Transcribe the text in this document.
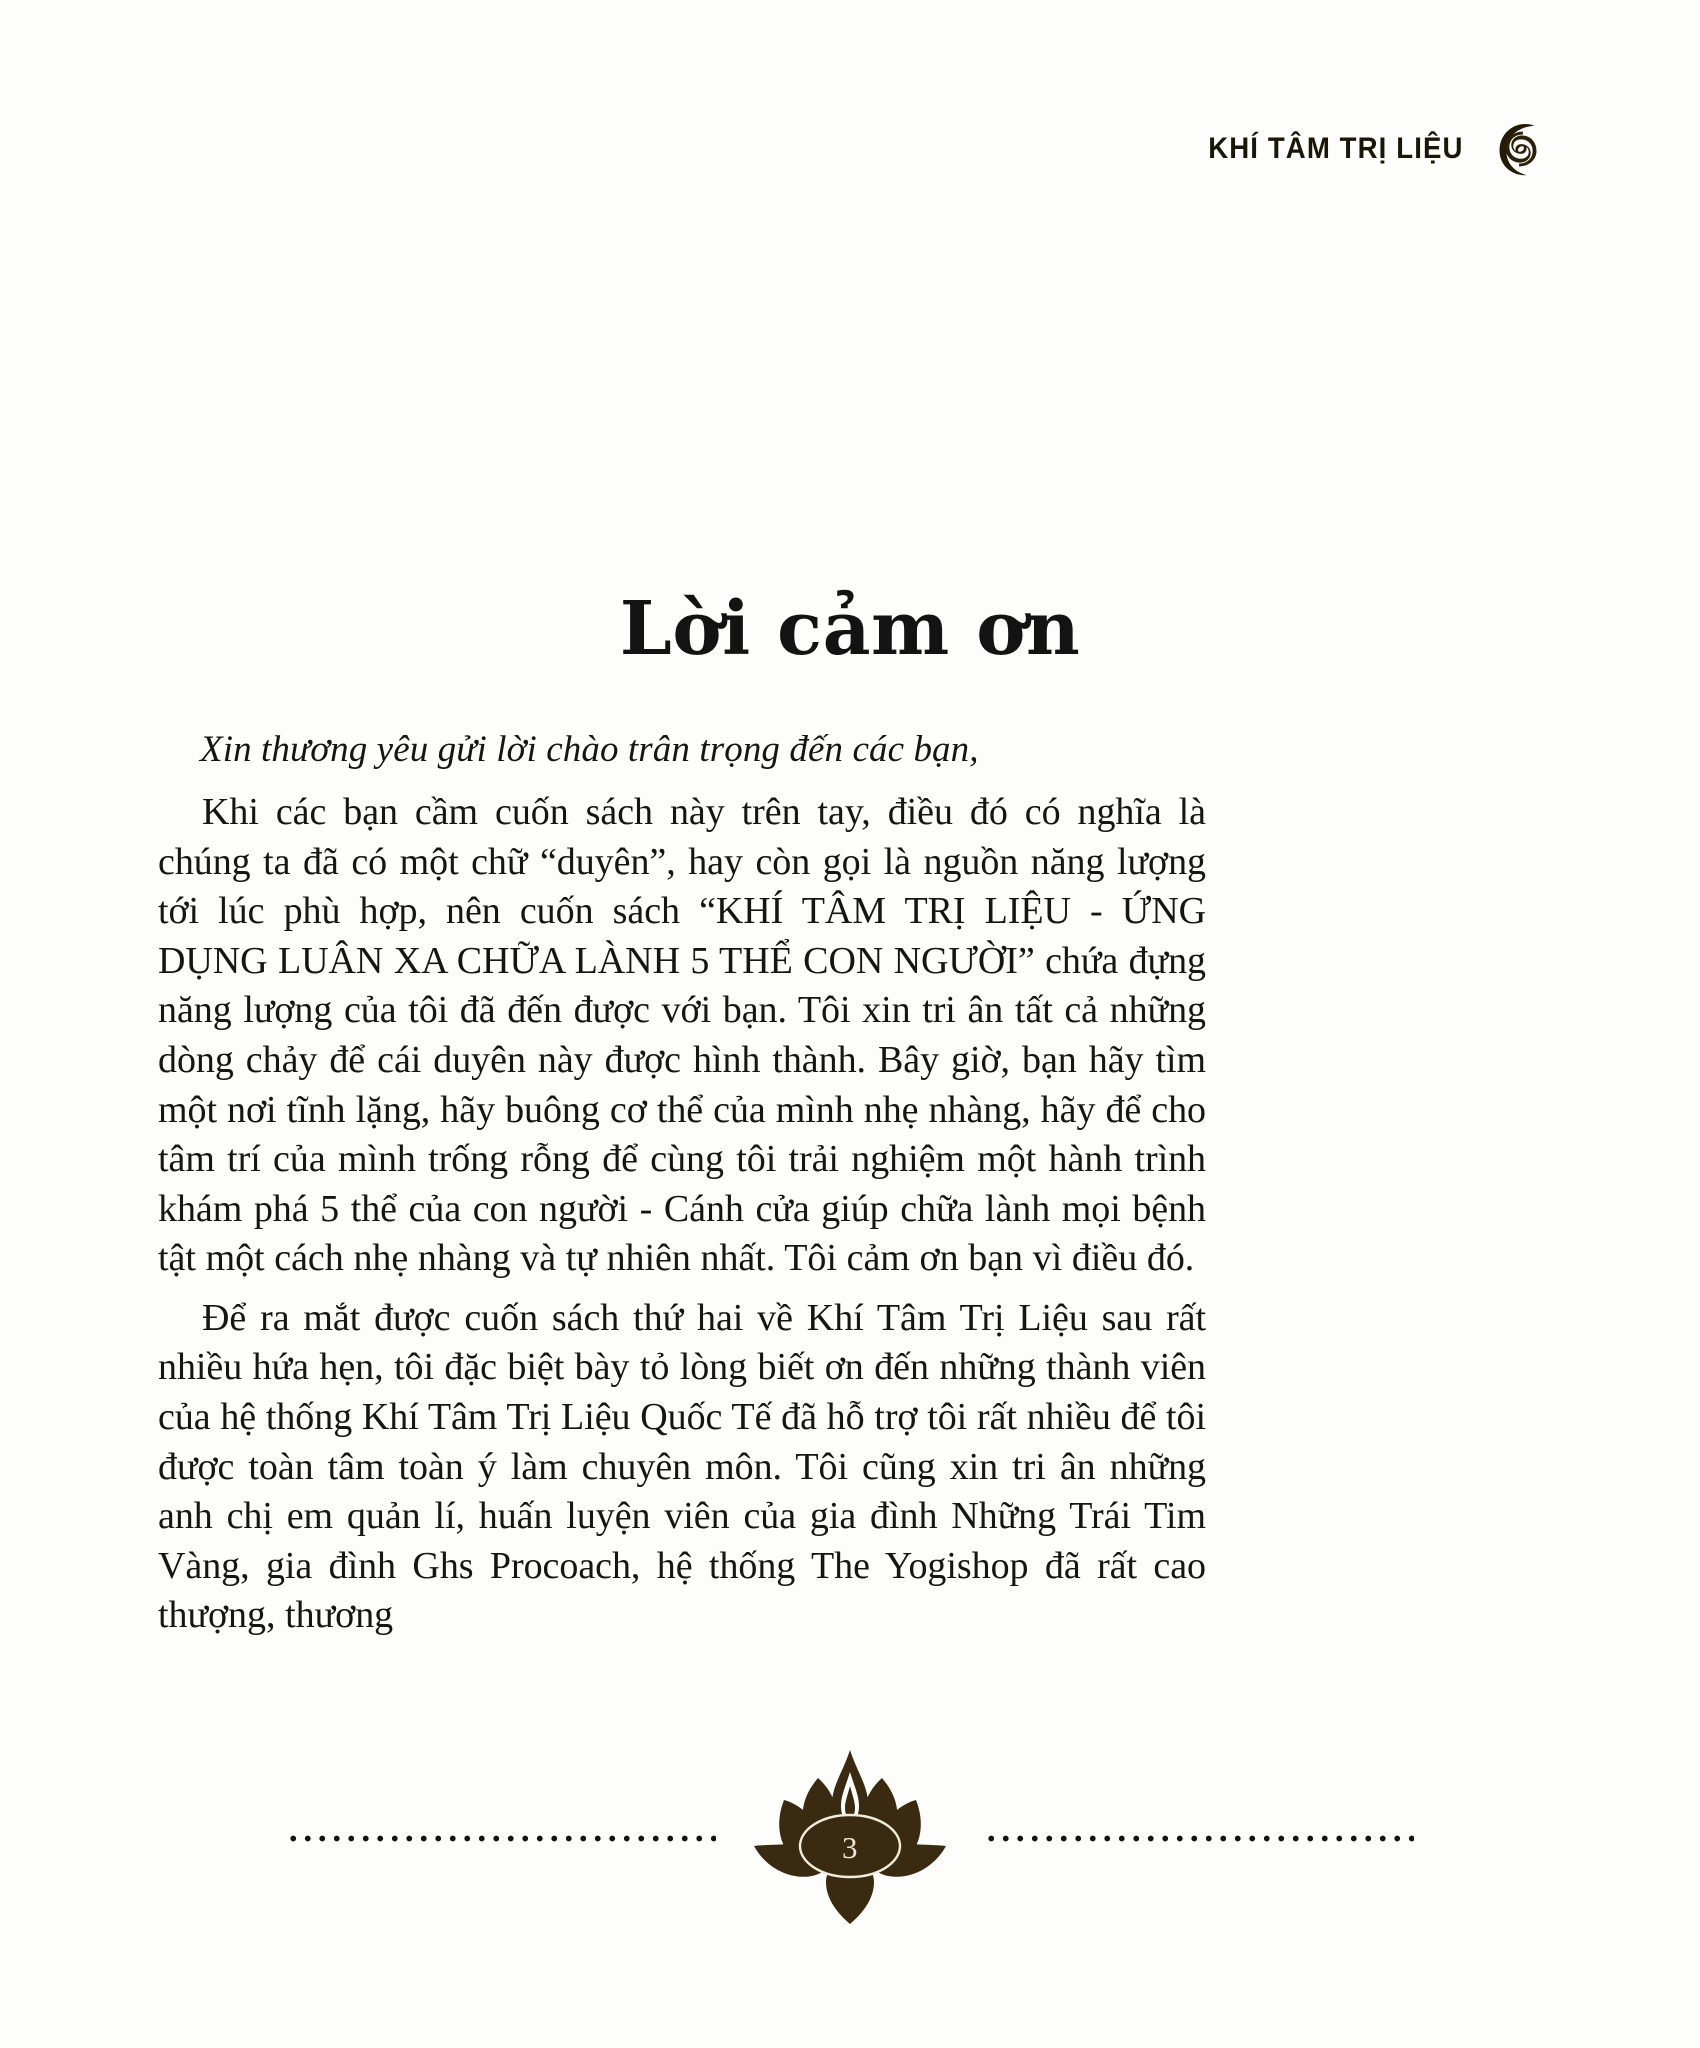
KHÍ TÂM TRỊ LIỆU
Lời cảm ơn

Xin thương yêu gửi lời chào trân trọng đến các bạn,

Khi các bạn cầm cuốn sách này trên tay, điều đó có nghĩa là chúng ta đã có một chữ “duyên”, hay còn gọi là nguồn năng lượng tới lúc phù hợp, nên cuốn sách “KHÍ TÂM TRỊ LIỆU - ỨNG DỤNG LUÂN XA CHỮA LÀNH 5 THỂ CON NGƯỜI” chứa đựng năng lượng của tôi đã đến được với bạn. Tôi xin tri ân tất cả những dòng chảy để cái duyên này được hình thành. Bây giờ, bạn hãy tìm một nơi tĩnh lặng, hãy buông cơ thể của mình nhẹ nhàng, hãy để cho tâm trí của mình trống rỗng để cùng tôi trải nghiệm một hành trình khám phá 5 thể của con người - Cánh cửa giúp chữa lành mọi bệnh tật một cách nhẹ nhàng và tự nhiên nhất. Tôi cảm ơn bạn vì điều đó.

Để ra mắt được cuốn sách thứ hai về Khí Tâm Trị Liệu sau rất nhiều hứa hẹn, tôi đặc biệt bày tỏ lòng biết ơn đến những thành viên của hệ thống Khí Tâm Trị Liệu Quốc Tế đã hỗ trợ tôi rất nhiều để tôi được toàn tâm toàn ý làm chuyên môn. Tôi cũng xin tri ân những anh chị em quản lí, huấn luyện viên của gia đình Những Trái Tim Vàng, gia đình Ghs Procoach, hệ thống The Yogishop đã rất cao thượng, thương

3
